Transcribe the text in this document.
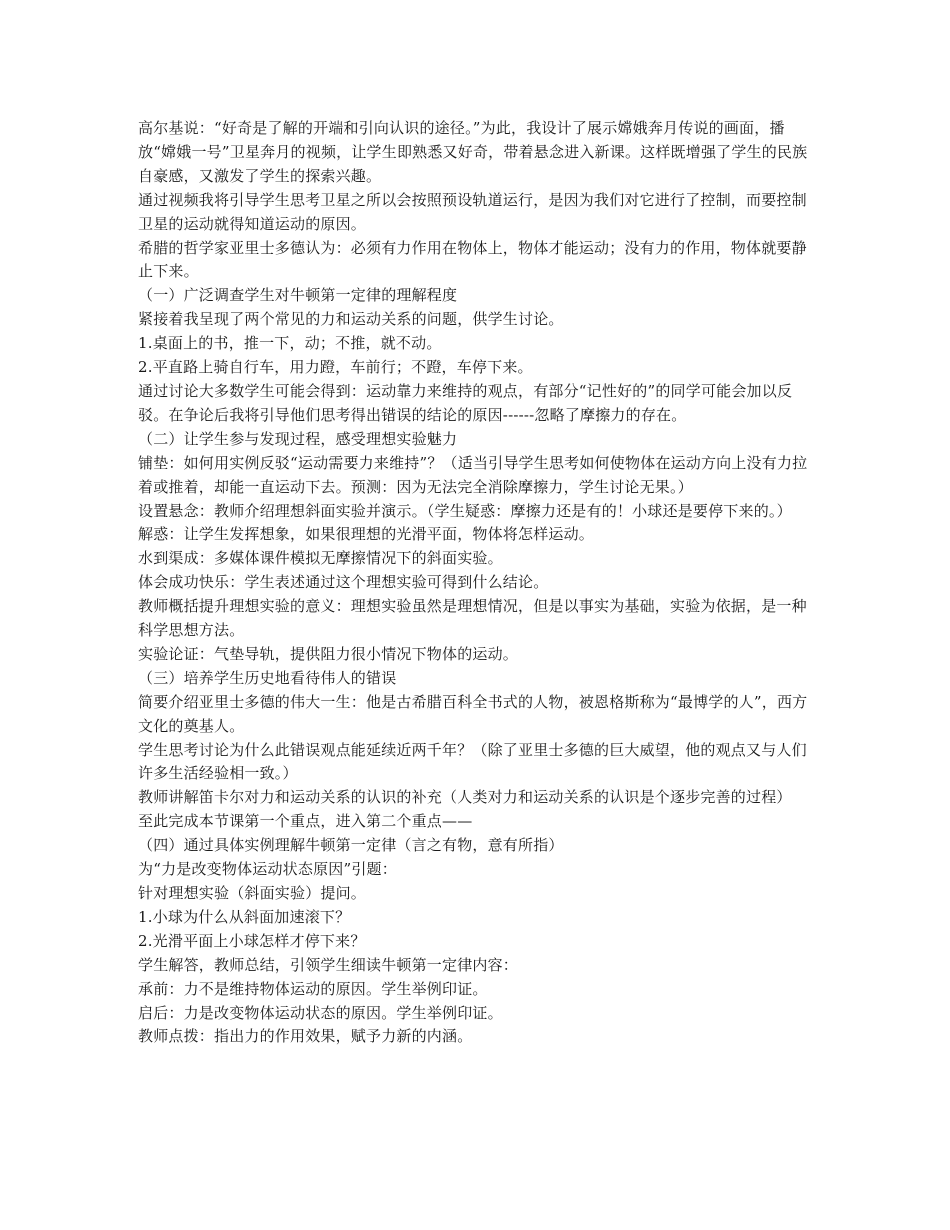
高尔基说：“好奇是了解的开端和引向认识的途径。”为此，我设计了展示嫦娥奔月传说的画面，播放“嫦娥一号”卫星奔月的视频，让学生即熟悉又好奇，带着悬念进入新课。这样既增强了学生的民族自豪感，又激发了学生的探索兴趣。

通过视频我将引导学生思考卫星之所以会按照预设轨道运行，是因为我们对它进行了控制，而要控制卫星的运动就得知道运动的原因。

希腊的哲学家亚里士多德认为：必须有力作用在物体上，物体才能运动；没有力的作用，物体就要静止下来。

（一）广泛调查学生对牛顿第一定律的理解程度

紧接着我呈现了两个常见的力和运动关系的问题，供学生讨论。

1.桌面上的书，推一下，动；不推，就不动。

2.平直路上骑自行车，用力蹬，车前行；不蹬，车停下来。

通过讨论大多数学生可能会得到：运动靠力来维持的观点，有部分“记性好的”的同学可能会加以反驳。在争论后我将引导他们思考得出错误的结论的原因------忽略了摩擦力的存在。

（二）让学生参与发现过程，感受理想实验魅力

铺垫：如何用实例反驳“运动需要力来维持”？（适当引导学生思考如何使物体在运动方向上没有力拉着或推着，却能一直运动下去。预测：因为无法完全消除摩擦力，学生讨论无果。）

设置悬念：教师介绍理想斜面实验并演示。（学生疑惑：摩擦力还是有的！小球还是要停下来的。）

解惑：让学生发挥想象，如果很理想的光滑平面，物体将怎样运动。

水到渠成：多媒体课件模拟无摩擦情况下的斜面实验。

体会成功快乐：学生表述通过这个理想实验可得到什么结论。

教师概括提升理想实验的意义：理想实验虽然是理想情况，但是以事实为基础，实验为依据，是一种科学思想方法。

实验论证：气垫导轨，提供阻力很小情况下物体的运动。

（三）培养学生历史地看待伟人的错误

简要介绍亚里士多德的伟大一生：他是古希腊百科全书式的人物，被恩格斯称为“最博学的人”，西方文化的奠基人。

学生思考讨论为什么此错误观点能延续近两千年？（除了亚里士多德的巨大威望，他的观点又与人们许多生活经验相一致。）

教师讲解笛卡尔对力和运动关系的认识的补充（人类对力和运动关系的认识是个逐步完善的过程）

至此完成本节课第一个重点，进入第二个重点——

（四）通过具体实例理解牛顿第一定律（言之有物，意有所指）

为“力是改变物体运动状态原因”引题：

针对理想实验（斜面实验）提问。

1.小球为什么从斜面加速滚下？

2.光滑平面上小球怎样才停下来？

学生解答，教师总结，引领学生细读牛顿第一定律内容：

承前：力不是维持物体运动的原因。学生举例印证。

启后：力是改变物体运动状态的原因。学生举例印证。

教师点拨：指出力的作用效果，赋予力新的内涵。
